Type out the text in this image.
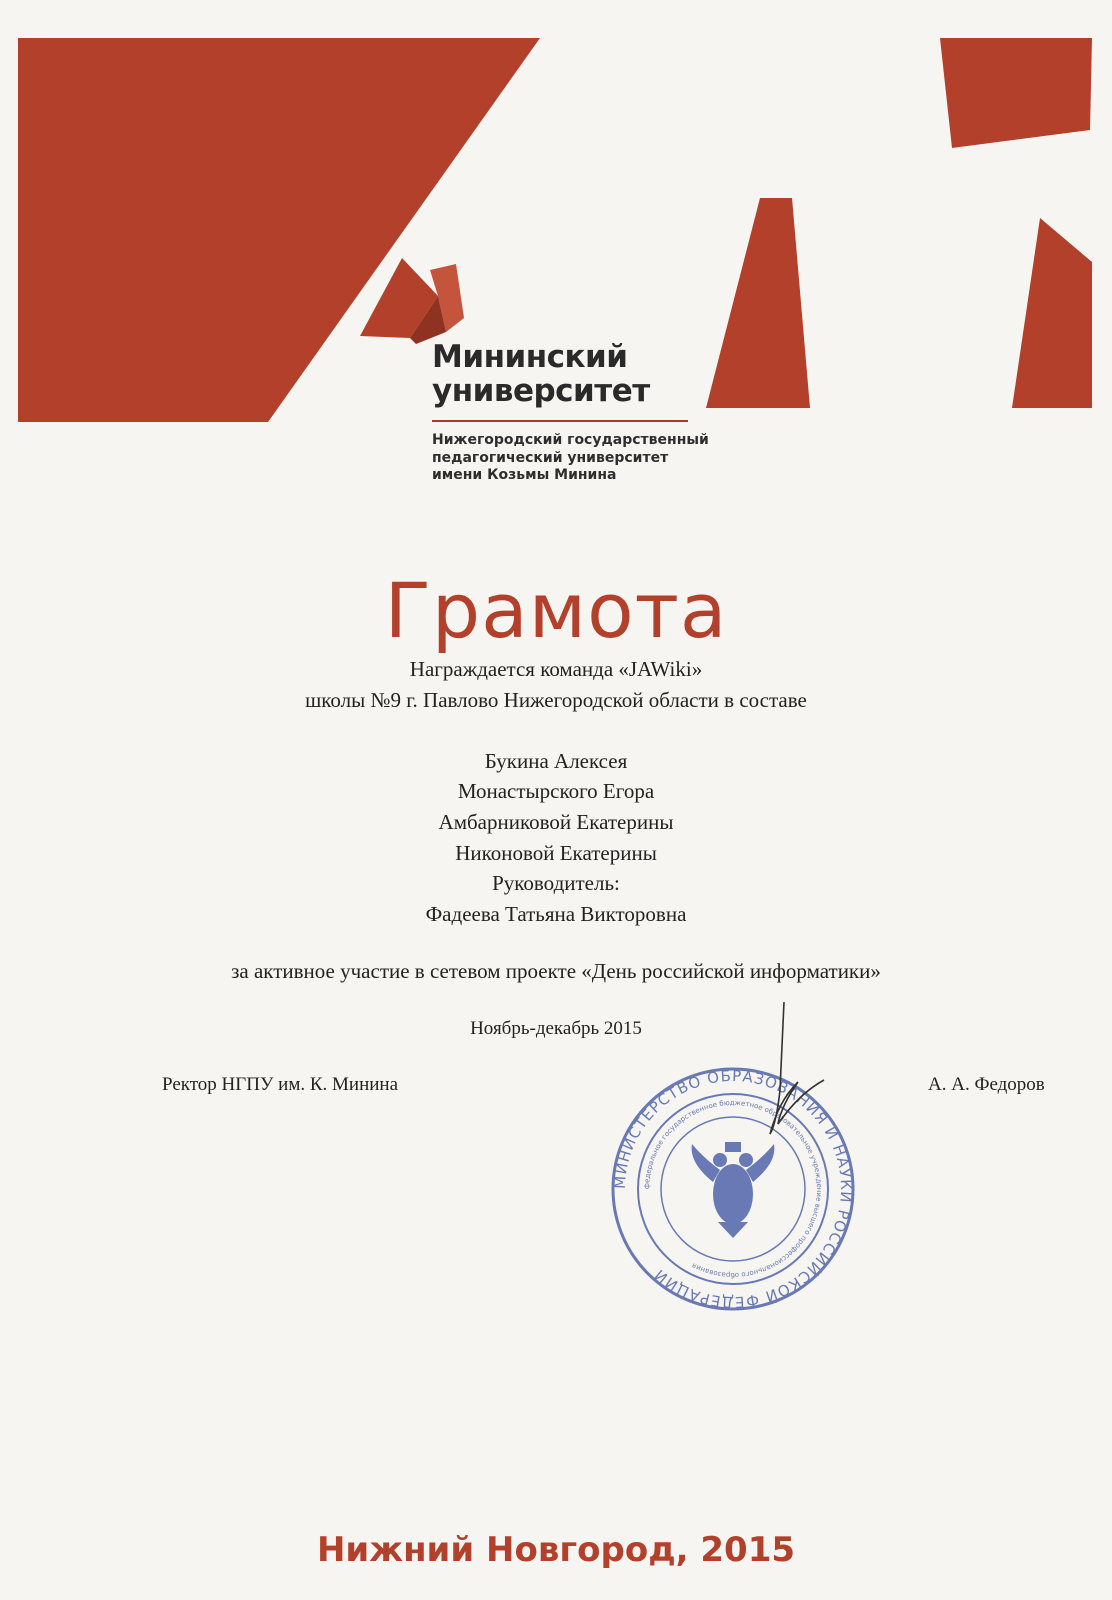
Мининский
университет
Нижегородский государственный
педагогический университет
имени Козьмы Минина
Грамота
Награждается команда «JAWiki»
школы №9 г. Павлово Нижегородской области в составе
Букина Алексея
Монастырского Егора
Амбарниковой Екатерины
Никоновой Екатерины
Руководитель:
Фадеева Татьяна Викторовна
за активное участие в сетевом проекте «День российской информатики»
Ноябрь-декабрь 2015
Ректор НГПУ им. К. Минина	А. А. Федоров
МИНИСТЕРСТВО ОБРАЗОВАНИЯ И НАУКИ РОССИЙСКОЙ ФЕДЕРАЦИИ
федеральное государственное бюджетное образовательное учреждение высшего профессионального образования
Нижний Новгород, 2015
